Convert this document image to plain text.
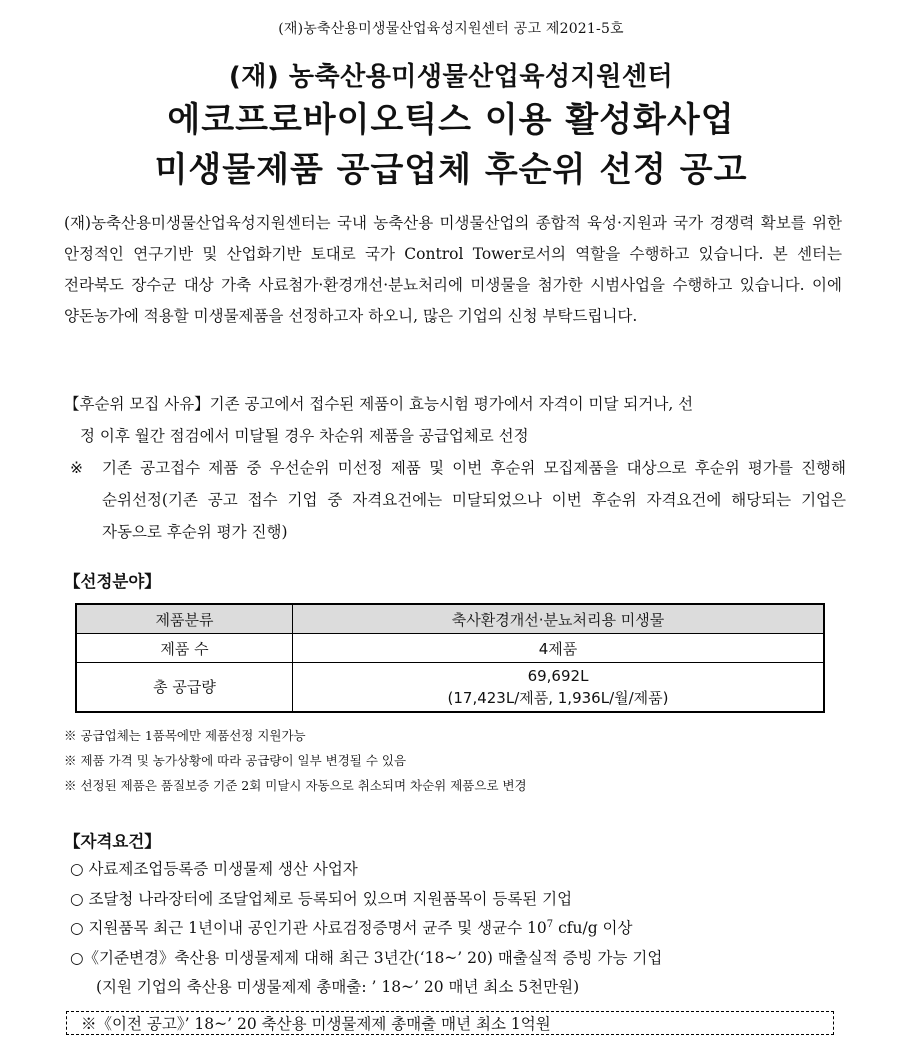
(재)농축산용미생물산업육성지원센터 공고 제2021-5호
(재) 농축산용미생물산업육성지원센터
에코프로바이오틱스 이용 활성화사업
미생물제품 공급업체 후순위 선정 공고
(재)농축산용미생물산업육성지원센터는 국내 농축산용 미생물산업의 종합적 육성·지원과 국가 경쟁력 확보를 위한 안정적인 연구기반 및 산업화기반 토대로 국가 Control Tower로서의 역할을 수행하고 있습니다. 본 센터는 전라북도 장수군 대상 가축 사료첨가·환경개선·분뇨처리에 미생물을 첨가한 시범사업을 수행하고 있습니다. 이에 양돈농가에 적용할 미생물제품을 선정하고자 하오니, 많은 기업의 신청 부탁드립니다.
【후순위 모집 사유】기존 공고에서 접수된 제품이 효능시험 평가에서 자격이 미달 되거나, 선
정 이후 월간 점검에서 미달될 경우 차순위 제품을 공급업체로 선정
※	기존 공고접수 제품 중 우선순위 미선정 제품 및 이번 후순위 모집제품을 대상으로 후순위 평가를 진행해 순위선정(기존 공고 접수 기업 중 자격요건에는 미달되었으나 이번 후순위 자격요건에 해당되는 기업은 자동으로 후순위 평가 진행)
【선정분야】
제품분류	축사환경개선·분뇨처리용 미생물
제품 수	4제품
총 공급량	69,692L
(17,423L/제품, 1,936L/월/제품)
※ 공급업체는 1품목에만 제품선정 지원가능
※ 제품 가격 및 농가상황에 따라 공급량이 일부 변경될 수 있음
※ 선정된 제품은 품질보증 기준 2회 미달시 자동으로 취소되며 차순위 제품으로 변경
【자격요건】
○ 사료제조업등록증 미생물제 생산 사업자
○ 조달청 나라장터에 조달업체로 등록되어 있으며 지원품목이 등록된 기업
○ 지원품목 최근 1년이내 공인기관 사료검정증명서 균주 및 생균수 $10^7$ cfu/g 이상
○《기준변경》축산용 미생물제제 대해 최근 3년간(‘18~’ 20) 매출실적 증빙 가능 기업
(지원 기업의 축산용 미생물제제 총매출: ’ 18~’ 20 매년 최소 5천만원)
※《이전 공고》’ 18~’ 20 축산용 미생물제제 총매출 매년 최소 1억원
